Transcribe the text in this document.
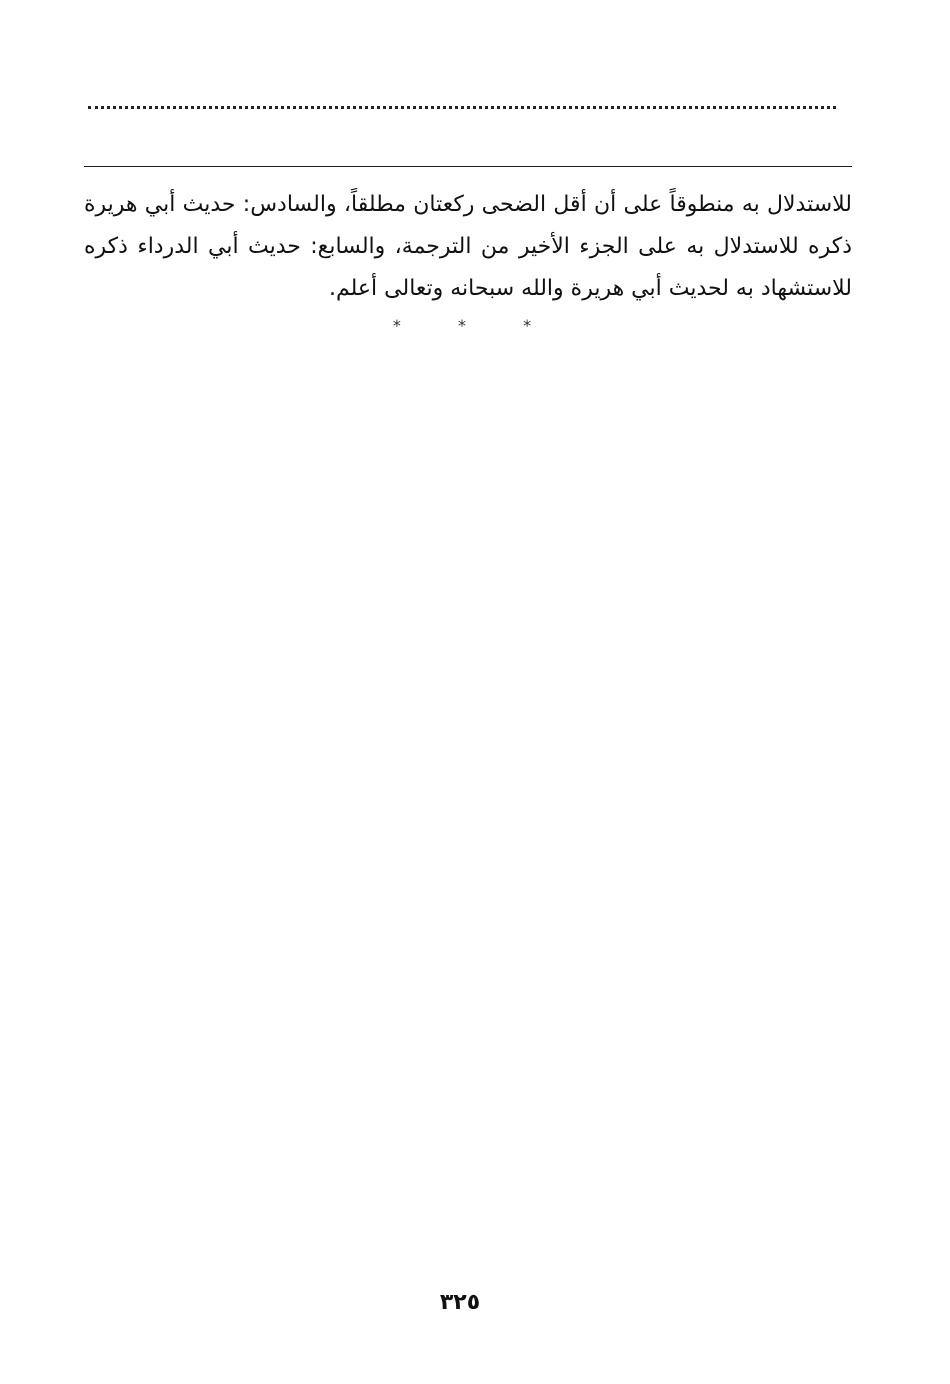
للاستدلال به منطوقاً على أن أقل الضحى ركعتان مطلقاً، والسادس: حديث أبي هريرة
ذكره للاستدلال به على الجزء الأخير من الترجمة، والسابع: حديث أبي الدرداء ذكره
للاستشهاد به لحديث أبي هريرة والله سبحانه وتعالى أعلم.
* * *
٣٢٥
